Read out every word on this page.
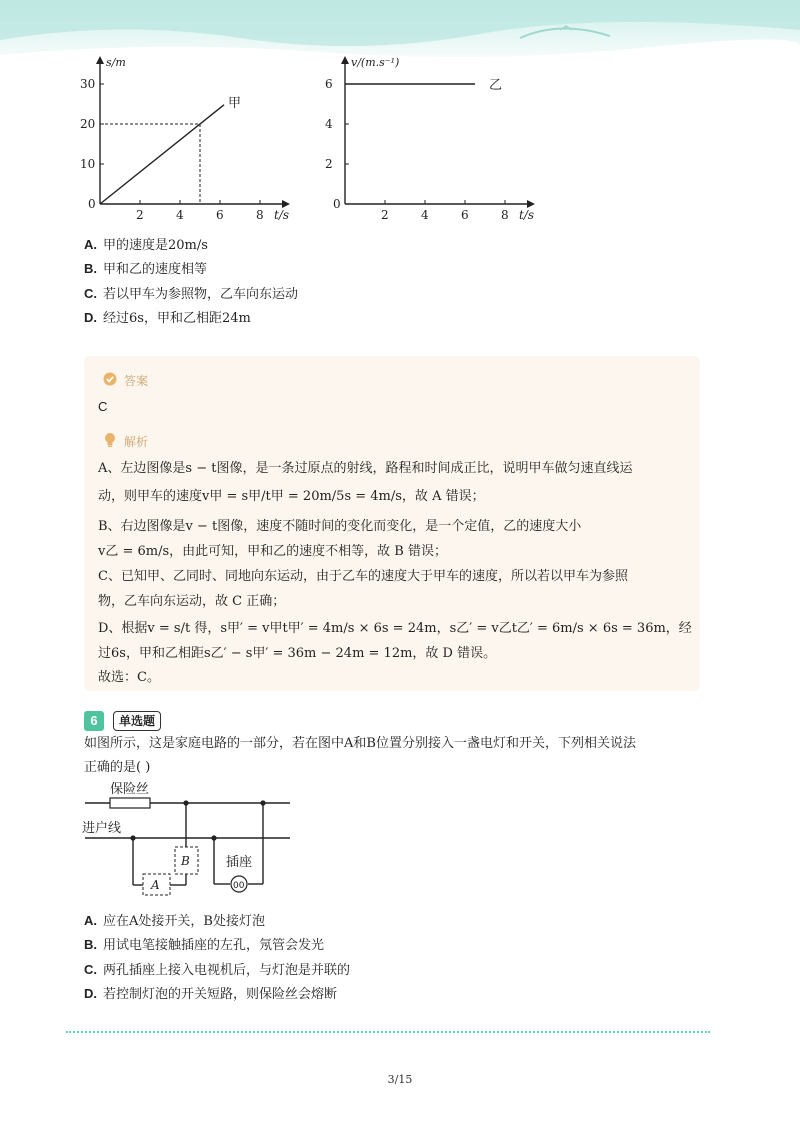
0
10
20
30
2	4	6	8 t/s
s/m
甲
0
2
4
6
2	4	6	8 t/s
v/(m.s⁻¹)
乙
A. 甲的速度是20m/s
B. 甲和乙的速度相等
C. 若以甲车为参照物，乙车向东运动
D. 经过6s，甲和乙相距24m
答案
C
解析
A、左边图像是s − t图像，是一条过原点的射线，路程和时间成正比，说明甲车做匀速直线运
动，则甲车的速度v甲 = s甲/t甲 = 20m/5s = 4m/s，故 A 错误；
B、右边图像是v − t图像，速度不随时间的变化而变化，是一个定值，乙的速度大小
v乙 = 6m/s，由此可知，甲和乙的速度不相等，故 B 错误；
C、已知甲、乙同时、同地向东运动，由于乙车的速度大于甲车的速度，所以若以甲车为参照
物，乙车向东运动，故 C 正确；
D、根据v = s/t 得，s甲′ = v甲t甲′ = 4m/s × 6s = 24m，s乙′ = v乙t乙′ = 6m/s × 6s = 36m，经
过6s，甲和乙相距s乙′ − s甲′ = 36m − 24m = 12m，故 D 错误。
故选：C。
6	单选题
如图所示，这是家庭电路的一部分，若在图中A和B位置分别接入一盏电灯和开关，下列相关说法
正确的是( )
保险丝
进户线
A
B	插座
00
A. 应在A处接开关，B处接灯泡
B. 用试电笔接触插座的左孔，氖管会发光
C. 两孔插座上接入电视机后，与灯泡是并联的
D. 若控制灯泡的开关短路，则保险丝会熔断
3/15
